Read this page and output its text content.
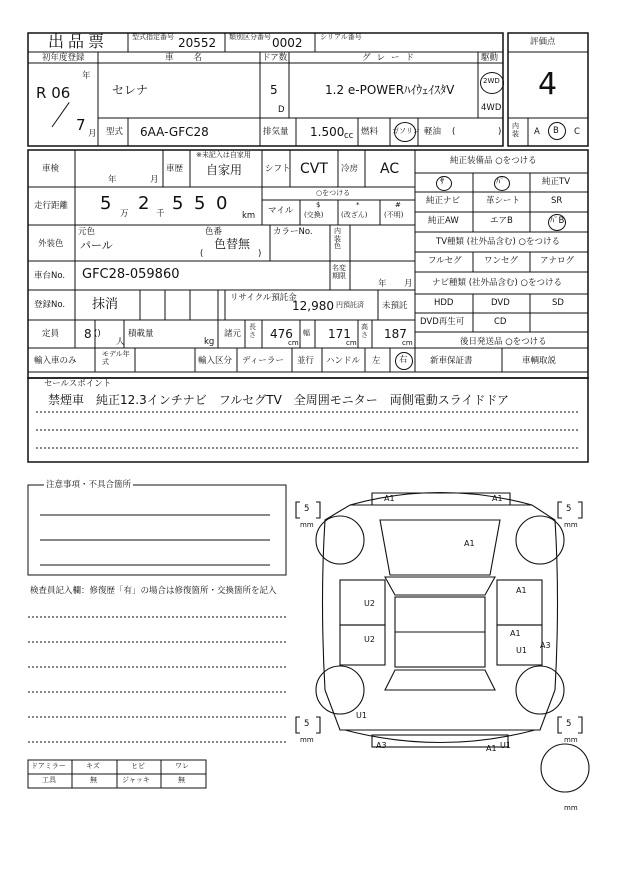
出品票	型式指定番号 20552 類別区分番号 0002 シリアル番号	評価点
4
初年度登録
年
R 06
7 月
車名
セレナ
ドア数
5
D
グレード
1.2 e-POWERﾊｲｳｪｲｽﾀV
駆動
2WD
4WD
型式 6AA-GFC28	排気量 1.500 cc 燃料 ガソリン 軽油 (	)
内装	A B C
車検
年	月
車歴
※未記入は自家用
自家用	シフト CVT 冷房 AC
走行距離 5 万 2 千 5 5 0
km
○をつける
マイル
$
(交換)
*
(改ざん)
#
(不明)
外装色
元色
パール
色番
色替無
(	)
カラーNo.	内装色
車台No. GFC28-059860	名変期限
年 月
登録No. 抹消	リサイクル預託金
12,980 円預託済 未預託
定員 8 ()
人
積載量
kg
諸元
長さ 476
cm
幅 171
cm
高さ 187
cm
輸入車のみ
モデル年式	輸入区分 ディーラー 並行 ハンドル 左 右
純正装備品 ○をつける
ｻ	ﾊﾟ	純正TV
純正ナビ	革シート	SR
純正AW	エアB	ﾊﾟB
TV種類 (社外品含む) ○をつける
フルセグ	ワンセグ	アナログ
ナビ種類 (社外品含む) ○をつける
HDD	DVD	SD
DVD再生可	CD
後日発送品 ○をつける
新車保証書	車輌取説
セールスポイント
禁煙車　純正12.3インチナビ　フルセグTV　全周囲モニター　両側電動スライドドア
注意事項・不具合箇所
検査員記入欄：修復歴「有」の場合は修復箇所・交換箇所を記入
ドアミラー	キズ	ヒビ	ワレ
工具	無	ジャッキ	無
5
mm
5
mm
5
mm
5
mm
mm
A1	A1
A1
A1
U2
U2
A1
U1
A3
U1
A3	A1 U1
